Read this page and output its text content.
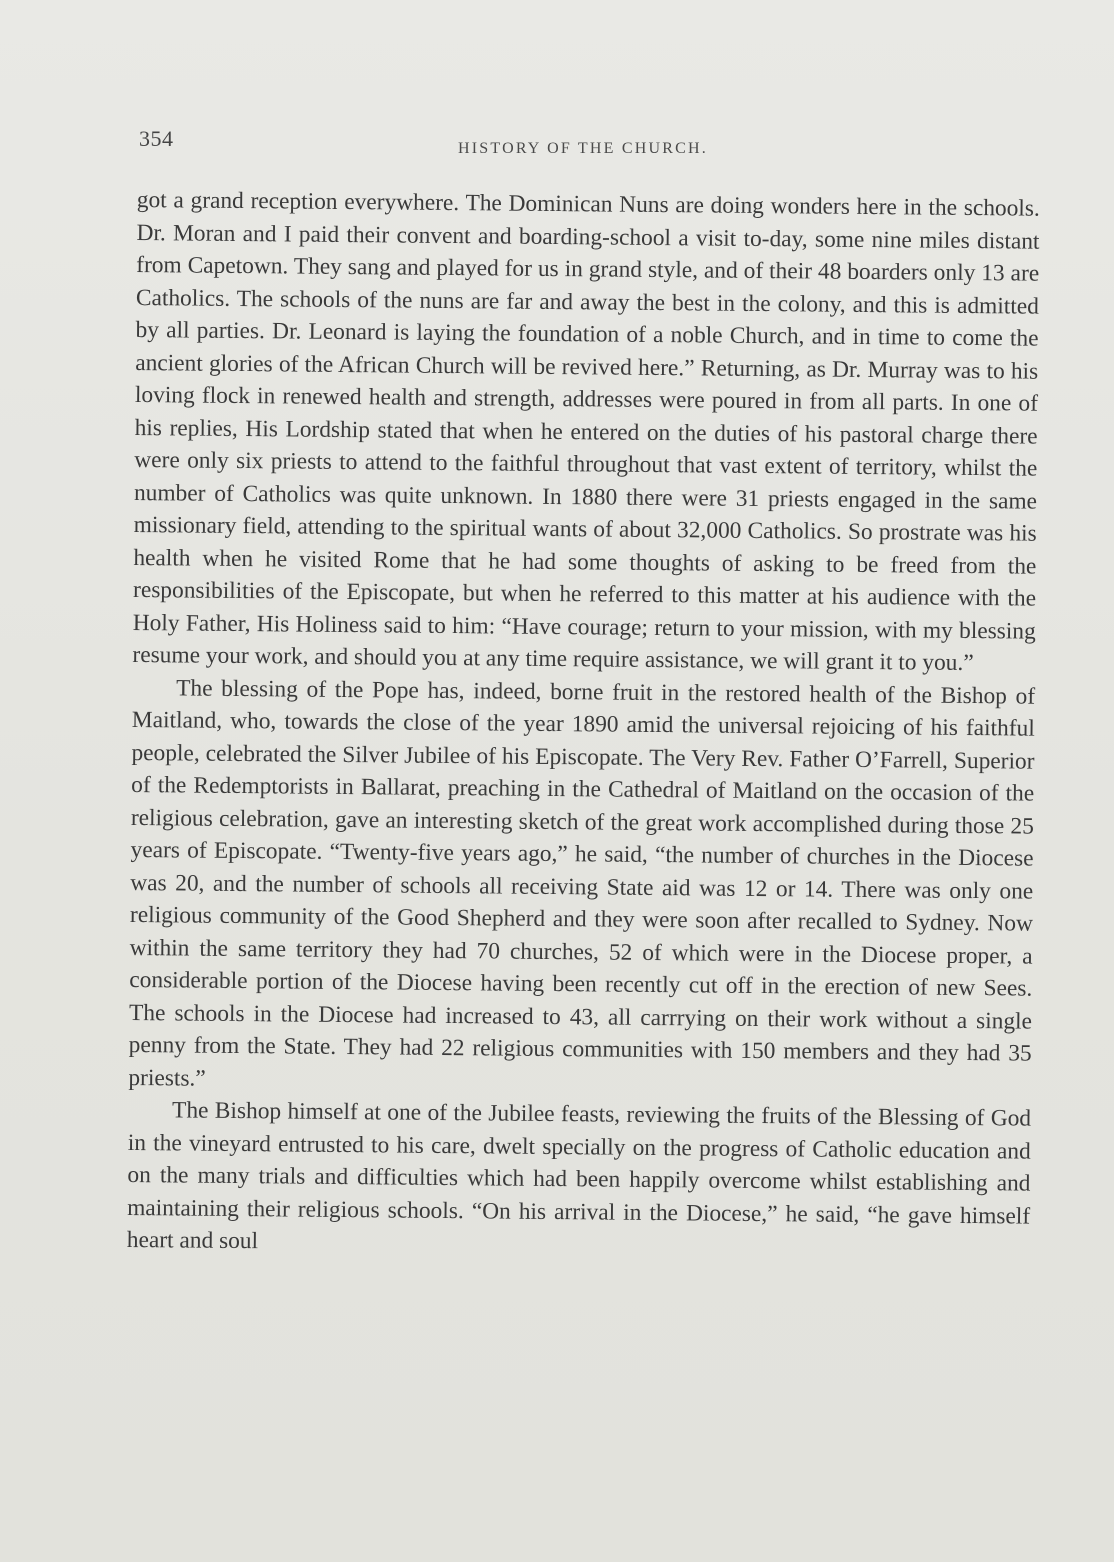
354	HISTORY OF THE CHURCH.

got a grand reception everywhere. The Dominican Nuns are doing wonders here in the schools. Dr. Moran and I paid their convent and boarding-school a visit to-day, some nine miles distant from Capetown. They sang and played for us in grand style, and of their 48 boarders only 13 are Catholics. The schools of the nuns are far and away the best in the colony, and this is admitted by all parties. Dr. Leonard is laying the foundation of a noble Church, and in time to come the ancient glories of the African Church will be revived here.” Returning, as Dr. Murray was to his loving flock in renewed health and strength, addresses were poured in from all parts. In one of his replies, His Lordship stated that when he entered on the duties of his pastoral charge there were only six priests to attend to the faithful throughout that vast extent of territory, whilst the number of Catholics was quite unknown. In 1880 there were 31 priests engaged in the same missionary field, attending to the spiritual wants of about 32,000 Catholics. So prostrate was his health when he visited Rome that he had some thoughts of asking to be freed from the responsibilities of the Episcopate, but when he referred to this matter at his audience with the Holy Father, His Holiness said to him: “Have courage; return to your mission, with my blessing resume your work, and should you at any time require assistance, we will grant it to you.”

The blessing of the Pope has, indeed, borne fruit in the restored health of the Bishop of Maitland, who, towards the close of the year 1890 amid the universal rejoicing of his faithful people, celebrated the Silver Jubilee of his Episcopate. The Very Rev. Father O’Farrell, Superior of the Redemptorists in Ballarat, preaching in the Cathedral of Maitland on the occasion of the religious celebration, gave an interesting sketch of the great work accomplished during those 25 years of Episcopate. “Twenty-five years ago,” he said, “the number of churches in the Diocese was 20, and the number of schools all receiving State aid was 12 or 14. There was only one religious community of the Good Shepherd and they were soon after recalled to Sydney. Now within the same territory they had 70 churches, 52 of which were in the Diocese proper, a considerable portion of the Diocese having been recently cut off in the erection of new Sees. The schools in the Diocese had increased to 43, all carrrying on their work without a single penny from the State. They had 22 religious communities with 150 members and they had 35 priests.”

The Bishop himself at one of the Jubilee feasts, reviewing the fruits of the Blessing of God in the vineyard entrusted to his care, dwelt specially on the progress of Catholic education and on the many trials and difficulties which had been happily overcome whilst establishing and maintaining their religious schools. “On his arrival in the Diocese,” he said, “he gave himself heart and soul
